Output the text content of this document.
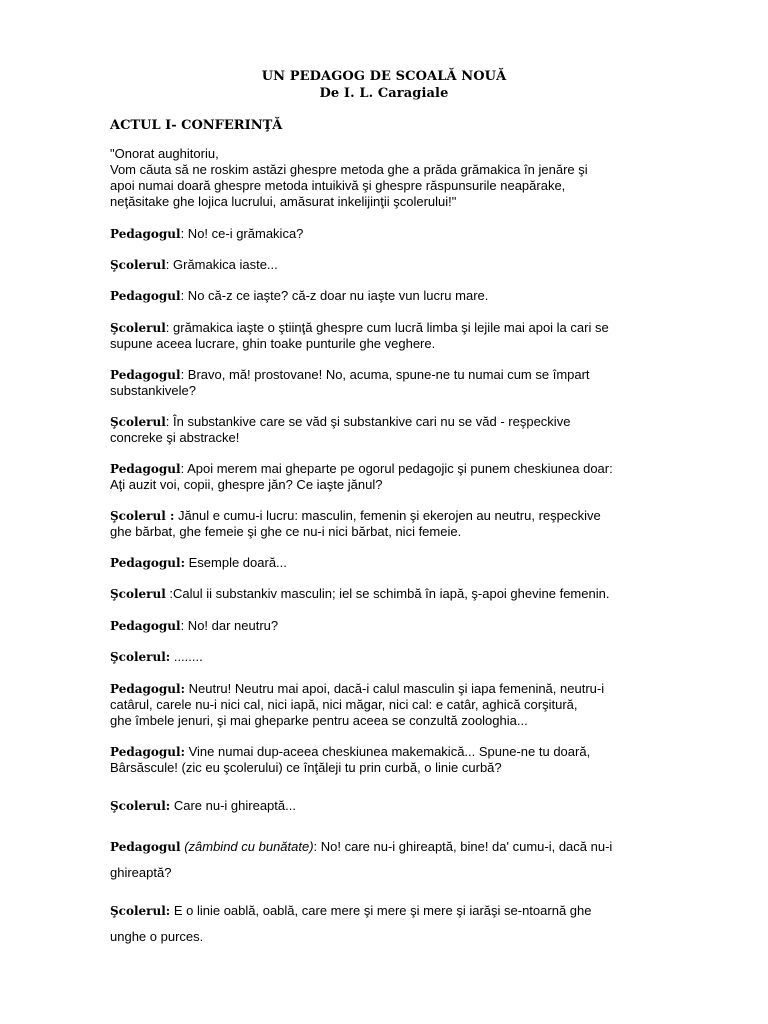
UN PEDAGOG DE SCOALĂ NOUĂ
De I. L. Caragiale
ACTUL I- CONFERINŢĂ
"Onorat aughitoriu,
Vom căuta să ne roskim astăzi ghespre metoda ghe a prăda grămakica în jenăre şi
apoi numai doară ghespre metoda intuikivă şi ghespre răspunsurile neapărake,
neţăsitake ghe lojica lucrului, amăsurat inkelijinţii şcolerului!"
Pedagogul: No! ce-i grămakica?
Şcolerul: Grămakica iaste...
Pedagogul: No că-z ce iaşte? că-z doar nu iaşte vun lucru mare.
Şcolerul: grămakica iaşte o ştiinţă ghespre cum lucră limba şi lejile mai apoi la cari se
supune aceea lucrare, ghin toake punturile ghe veghere.
Pedagogul: Bravo, mă! prostovane! No, acuma, spune-ne tu numai cum se împart
substankivele?
Şcolerul: În substankive care se văd şi substankive cari nu se văd - reşpeckive
concreke şi abstracke!
Pedagogul: Apoi merem mai gheparte pe ogorul pedagojic şi punem cheskiunea doar:
Aţi auzit voi, copii, ghespre jăn? Ce iaşte jănul?
Şcolerul : Jănul e cumu-i lucru: masculin, femenin şi ekerojen au neutru, reşpeckive
ghe bărbat, ghe femeie şi ghe ce nu-i nici bărbat, nici femeie.
Pedagogul: Esemple doară...
Şcolerul :Calul ii substankiv masculin; iel se schimbă în iapă, ş-apoi ghevine femenin.
Pedagogul: No! dar neutru?
Şcolerul: ........
Pedagogul: Neutru! Neutru mai apoi, dacă-i calul masculin şi iapa femenină, neutru-i
catârul, carele nu-i nici cal, nici iapă, nici măgar, nici cal: e catâr, aghică corşitură,
ghe îmbele jenuri, şi mai gheparke pentru aceea se conzultă zoologhia...
Pedagogul: Vine numai dup-aceea cheskiunea makemakică... Spune-ne tu doară,
Bârsăscule! (zic eu şcolerului) ce înţăleji tu prin curbă, o linie curbă?
Şcolerul: Care nu-i ghireaptă...
Pedagogul (zâmbind cu bunătate): No! care nu-i ghireaptă, bine! da' cumu-i, dacă nu-i
ghireaptă?
Şcolerul: E o linie oablă, oablă, care mere şi mere şi mere şi iarăşi se-ntoarnă ghe
unghe o purces.
